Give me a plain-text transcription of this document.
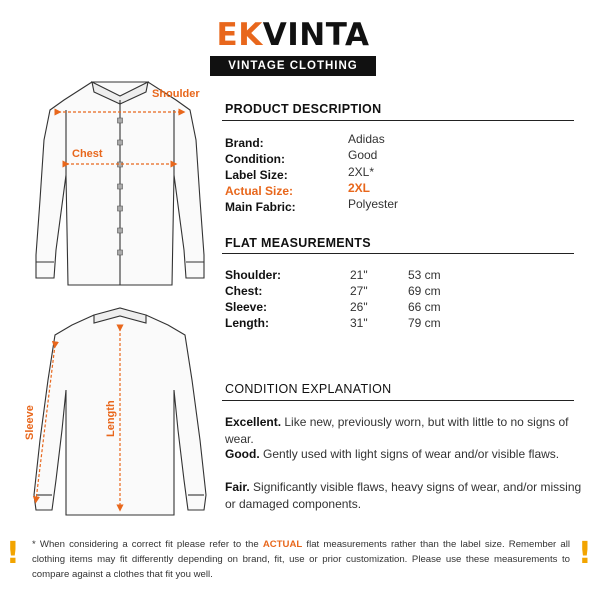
EKVINTA
VINTAGE CLOTHING
Shoulder
Chest
Length
Sleeve
PRODUCT DESCRIPTION
Brand:	Adidas
Condition:	Good
Label Size:	2XL*
Actual Size:	2XL
Main Fabric:	Polyester
FLAT MEASUREMENTS
Shoulder:	21"	53 cm
Chest:	27"	69 cm
Sleeve:	26"	66 cm
Length:	31"	79 cm
CONDITION EXPLANATION
Excellent. Like new, previously worn, but with little to no signs of wear.
Good. Gently used with light signs of wear and/or visible flaws.
Fair. Significantly visible flaws, heavy signs of wear, and/or missing or damaged components.
! * When considering a correct fit please refer to the ACTUAL flat measurements rather than the label size. Remember all clothing items may fit differently depending on brand, fit, use or prior customization. Please use these measurements to compare against a clothes that fit you well.
!
